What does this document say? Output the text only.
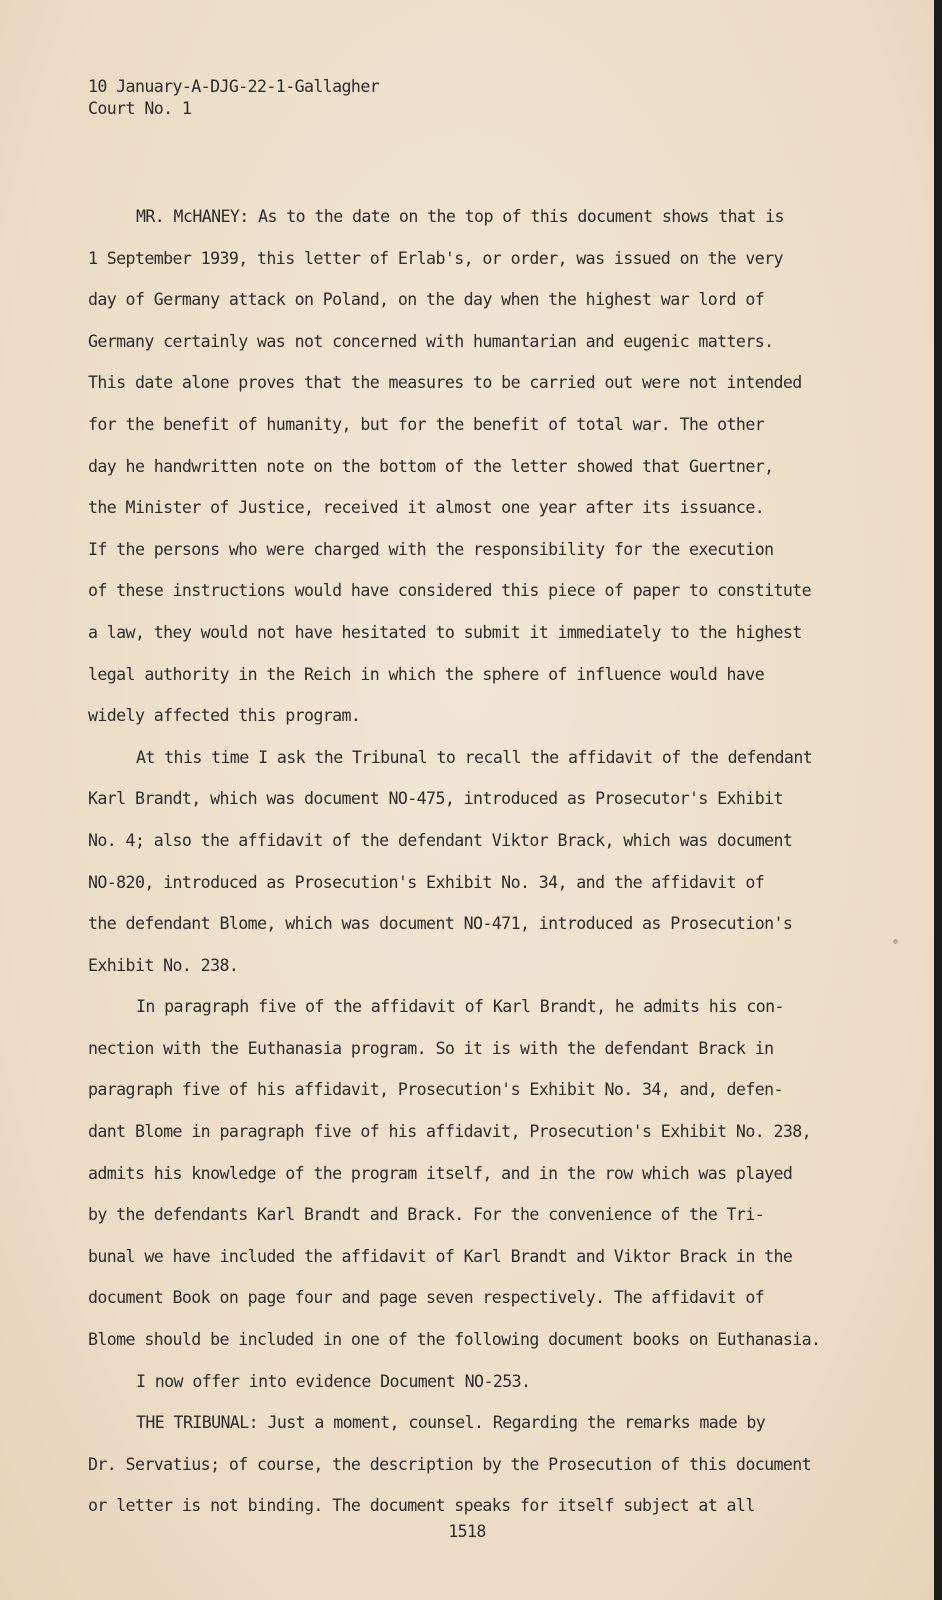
10 January-A-DJG-22-1-Gallagher
Court No. 1
MR. McHANEY: As to the date on the top of this document shows that is
1 September 1939, this letter of Erlab's, or order, was issued on the very
day of Germany attack on Poland, on the day when the highest war lord of
Germany certainly was not concerned with humantarian and eugenic matters.
This date alone proves that the measures to be carried out were not intended
for the benefit of humanity, but for the benefit of total war. The other
day he handwritten note on the bottom of the letter showed that Guertner,
the Minister of Justice, received it almost one year after its issuance.
If the persons who were charged with the responsibility for the execution
of these instructions would have considered this piece of paper to constitute
a law, they would not have hesitated to submit it immediately to the highest
legal authority in the Reich in which the sphere of influence would have
widely affected this program.
At this time I ask the Tribunal to recall the affidavit of the defendant
Karl Brandt, which was document NO-475, introduced as Prosecutor's Exhibit
No. 4; also the affidavit of the defendant Viktor Brack, which was document
NO-820, introduced as Prosecution's Exhibit No. 34, and the affidavit of
the defendant Blome, which was document NO-471, introduced as Prosecution's
Exhibit No. 238.
In paragraph five of the affidavit of Karl Brandt, he admits his con-
nection with the Euthanasia program. So it is with the defendant Brack in
paragraph five of his affidavit, Prosecution's Exhibit No. 34, and, defen-
dant Blome in paragraph five of his affidavit, Prosecution's Exhibit No. 238,
admits his knowledge of the program itself, and in the row which was played
by the defendants Karl Brandt and Brack. For the convenience of the Tri-
bunal we have included the affidavit of Karl Brandt and Viktor Brack in the
document Book on page four and page seven respectively. The affidavit of
Blome should be included in one of the following document books on Euthanasia.
I now offer into evidence Document NO-253.
THE TRIBUNAL: Just a moment, counsel. Regarding the remarks made by
Dr. Servatius; of course, the description by the Prosecution of this document
or letter is not binding. The document speaks for itself subject at all
1518
